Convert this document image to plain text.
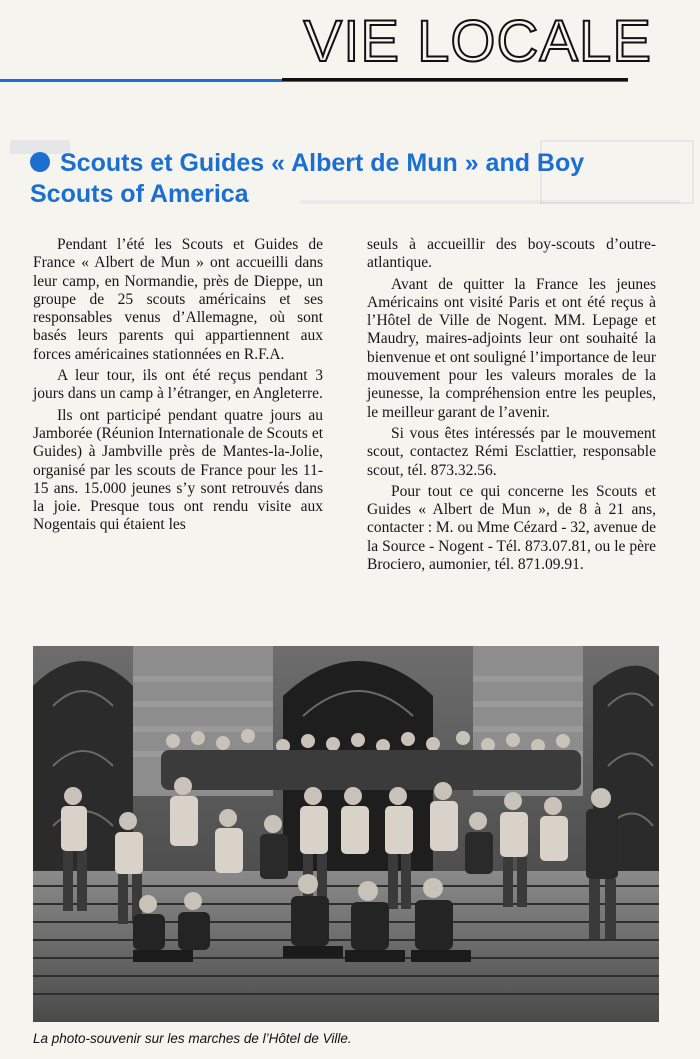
VIE LOCALE
Scouts et Guides « Albert de Mun » and Boy Scouts of America

Pendant l’été les Scouts et Guides de France « Albert de Mun » ont accueilli dans leur camp, en Normandie, près de Dieppe, un groupe de 25 scouts américains et ses responsables venus d’Allemagne, où sont basés leurs parents qui appartiennent aux forces américaines stationnées en R.F.A.

A leur tour, ils ont été reçus pendant 3 jours dans un camp à l’étranger, en Angleterre.

Ils ont participé pendant quatre jours au Jamborée (Réunion Internationale de Scouts et Guides) à Jambville près de Mantes-la-Jolie, organisé par les scouts de France pour les 11-15 ans. 15.000 jeunes s’y sont retrouvés dans la joie. Presque tous ont rendu visite aux Nogentais qui étaient les

seuls à accueillir des boy-scouts d’outre-atlantique.

Avant de quitter la France les jeunes Américains ont visité Paris et ont été reçus à l’Hôtel de Ville de Nogent. MM. Lepage et Maudry, maires-adjoints leur ont souhaité la bienvenue et ont souligné l’importance de leur mouvement pour les valeurs morales de la jeunesse, la compréhension entre les peuples, le meilleur garant de l’avenir.

Si vous êtes intéressés par le mouvement scout, contactez Rémi Esclattier, responsable scout, tél. 873.32.56.

Pour tout ce qui concerne les Scouts et Guides « Albert de Mun », de 8 à 21 ans, contacter : M. ou Mme Cézard - 32, avenue de la Source - Nogent - Tél. 873.07.81, ou le père Brociero, aumonier, tél. 871.09.91.

La photo-souvenir sur les marches de l’Hôtel de Ville.
